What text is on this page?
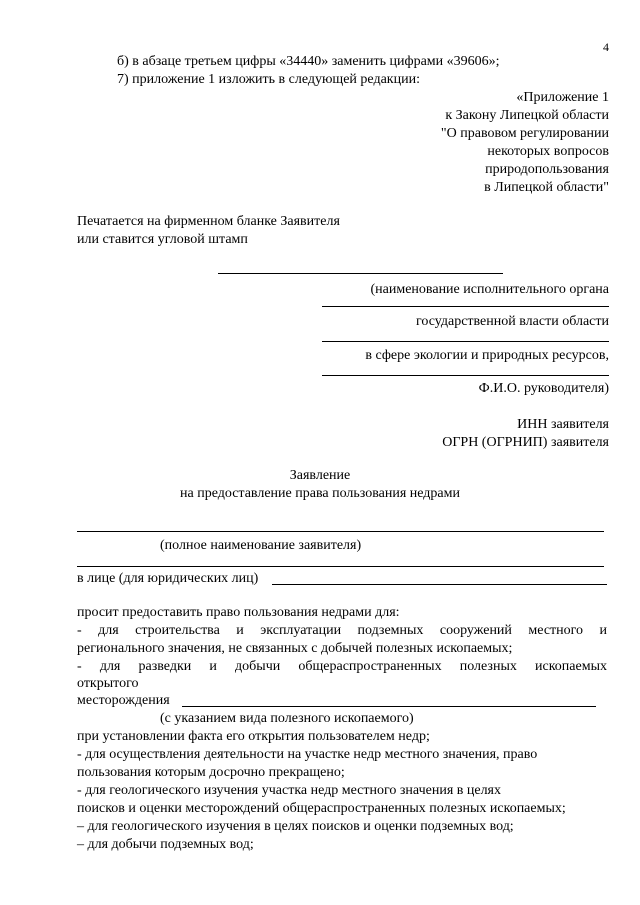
4
б) в абзаце третьем цифры «34440» заменить цифрами «39606»;
7) приложение 1 изложить в следующей редакции:
«Приложение 1
к Закону Липецкой области
"О правовом регулировании
некоторых вопросов
природопользования
в Липецкой области"
Печатается на фирменном бланке Заявителя
или ставится угловой штамп
(наименование исполнительного органа
государственной власти области
в сфере экологии и природных ресурсов,
Ф.И.О. руководителя)
ИНН заявителя
ОГРН (ОГРНИП) заявителя
Заявление
на предоставление права пользования недрами
(полное наименование заявителя)
в лице (для юридических лиц)
просит предоставить право пользования недрами для:
- для строительства и эксплуатации подземных сооружений местного и
регионального значения, не связанных с добычей полезных ископаемых;
- для разведки и добычи общераспространенных полезных ископаемых
открытого
месторождения
(с указанием вида полезного ископаемого)
при установлении факта его открытия пользователем недр;
- для осуществления деятельности на участке недр местного значения, право
пользования которым досрочно прекращено;
- для геологического изучения участка недр местного значения в целях
поисков и оценки месторождений общераспространенных полезных ископаемых;
– для геологического изучения в целях поисков и оценки подземных вод;
– для добычи подземных вод;
